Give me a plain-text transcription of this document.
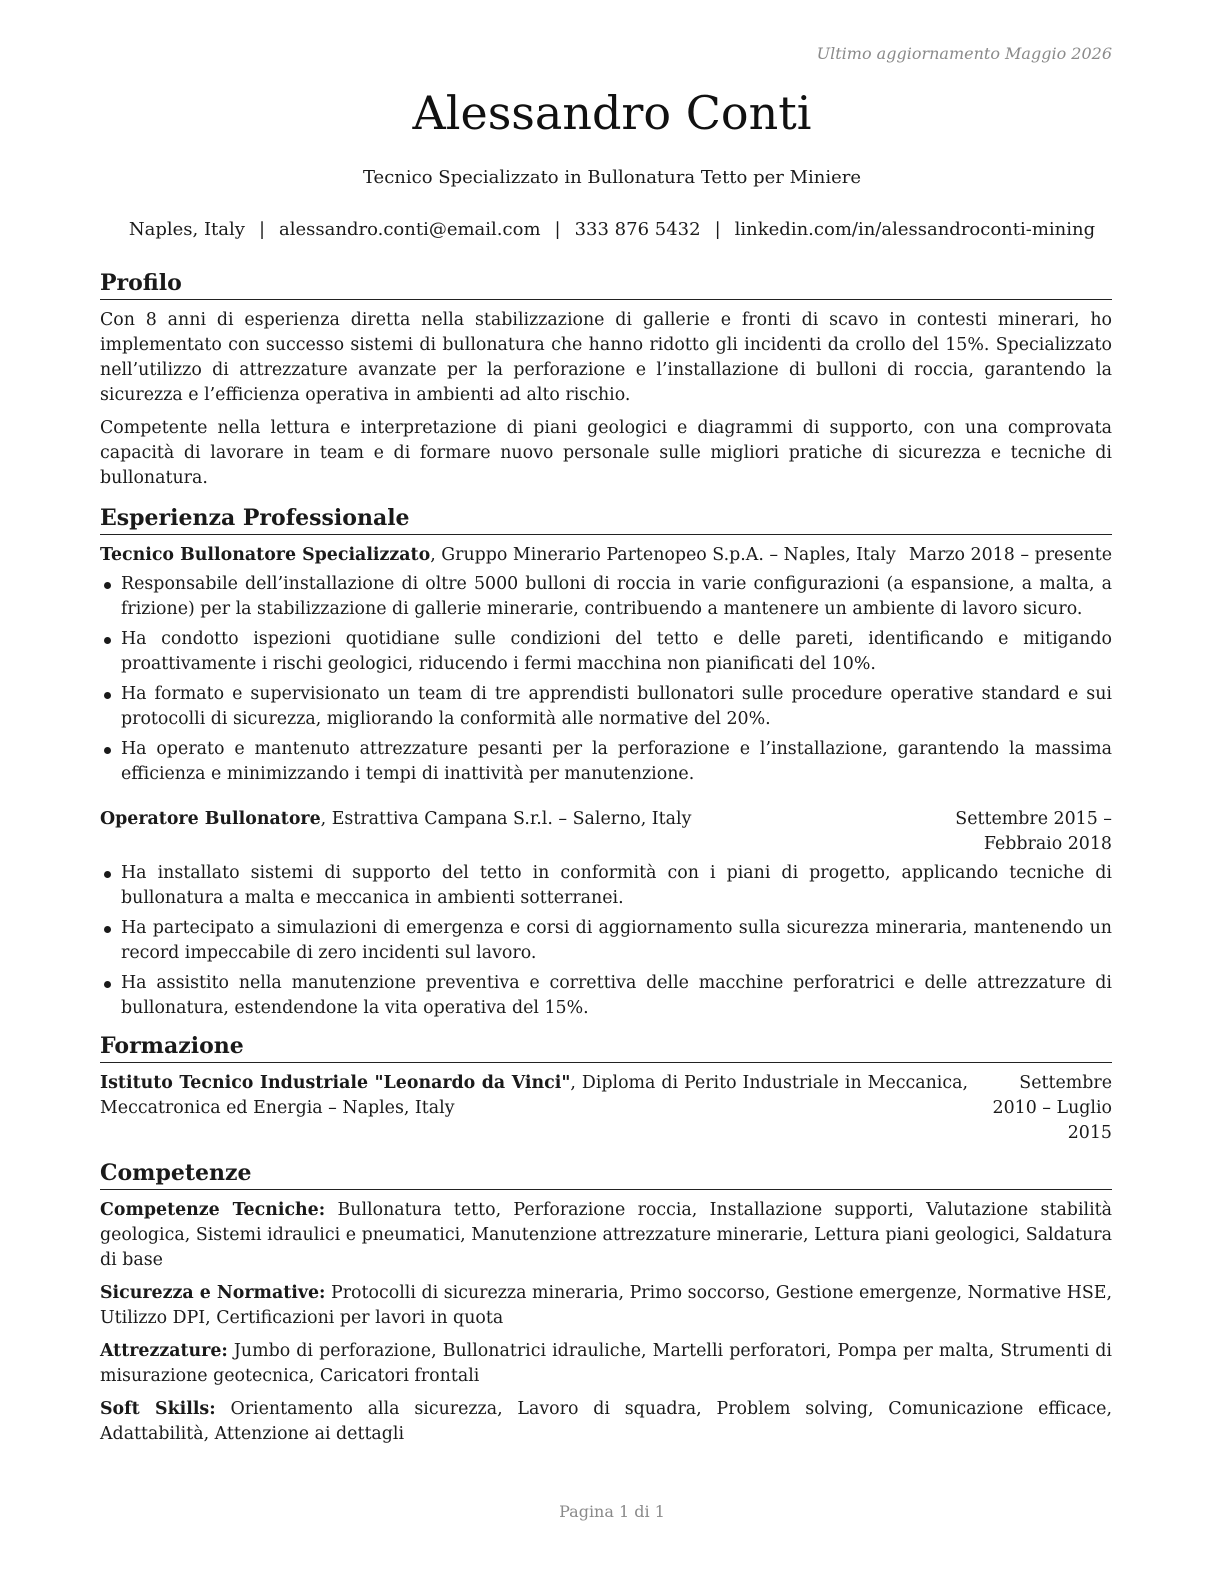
Ultimo aggiornamento Maggio 2026
Alessandro Conti
Tecnico Specializzato in Bullonatura Tetto per Miniere
Naples, Italy | alessandro.conti@email.com | 333 876 5432 | linkedin.com/in/alessandroconti-mining
Profilo

Con 8 anni di esperienza diretta nella stabilizzazione di gallerie e fronti di scavo in contesti minerari, ho implementato con successo sistemi di bullonatura che hanno ridotto gli incidenti da crollo del 15%. Specializzato nell’utilizzo di attrezzature avanzate per la perforazione e l’installazione di bulloni di roccia, garantendo la sicurezza e l’efficienza operativa in ambienti ad alto rischio.

Competente nella lettura e interpretazione di piani geologici e diagrammi di supporto, con una comprovata capacità di lavorare in team e di formare nuovo personale sulle migliori pratiche di sicurezza e tecniche di bullonatura.

Esperienza Professionale
Tecnico Bullonatore Specializzato, Gruppo Minerario Partenopeo S.p.A. – Naples, Italy Marzo 2018 – presente
Responsabile dell’installazione di oltre 5000 bulloni di roccia in varie configurazioni (a espansione, a malta, a frizione) per la stabilizzazione di gallerie minerarie, contribuendo a mantenere un ambiente di lavoro sicuro.
Ha condotto ispezioni quotidiane sulle condizioni del tetto e delle pareti, identificando e mitigando proattivamente i rischi geologici, riducendo i fermi macchina non pianificati del 10%.
Ha formato e supervisionato un team di tre apprendisti bullonatori sulle procedure operative standard e sui protocolli di sicurezza, migliorando la conformità alle normative del 20%.
Ha operato e mantenuto attrezzature pesanti per la perforazione e l’installazione, garantendo la massima efficienza e minimizzando i tempi di inattività per manutenzione.
Operatore Bullonatore, Estrattiva Campana S.r.l. – Salerno, Italy	Settembre 2015 – Febbraio 2018
Ha installato sistemi di supporto del tetto in conformità con i piani di progetto, applicando tecniche di bullonatura a malta e meccanica in ambienti sotterranei.
Ha partecipato a simulazioni di emergenza e corsi di aggiornamento sulla sicurezza mineraria, mantenendo un record impeccabile di zero incidenti sul lavoro.
Ha assistito nella manutenzione preventiva e correttiva delle macchine perforatrici e delle attrezzature di bullonatura, estendendone la vita operativa del 15%.
Formazione
Istituto Tecnico Industriale "Leonardo da Vinci", Diploma di Perito Industriale in Meccanica, Meccatronica ed Energia – Naples, Italy
Settembre 2010 – Luglio 2015
Competenze

Competenze Tecniche: Bullonatura tetto, Perforazione roccia, Installazione supporti, Valutazione stabilità geologica, Sistemi idraulici e pneumatici, Manutenzione attrezzature minerarie, Lettura piani geologici, Saldatura di base

Sicurezza e Normative: Protocolli di sicurezza mineraria, Primo soccorso, Gestione emergenze, Normative HSE, Utilizzo DPI, Certificazioni per lavori in quota

Attrezzature: Jumbo di perforazione, Bullonatrici idrauliche, Martelli perforatori, Pompa per malta, Strumenti di misurazione geotecnica, Caricatori frontali

Soft Skills: Orientamento alla sicurezza, Lavoro di squadra, Problem solving, Comunicazione efficace, Adattabilità, Attenzione ai dettagli

Pagina 1 di 1
